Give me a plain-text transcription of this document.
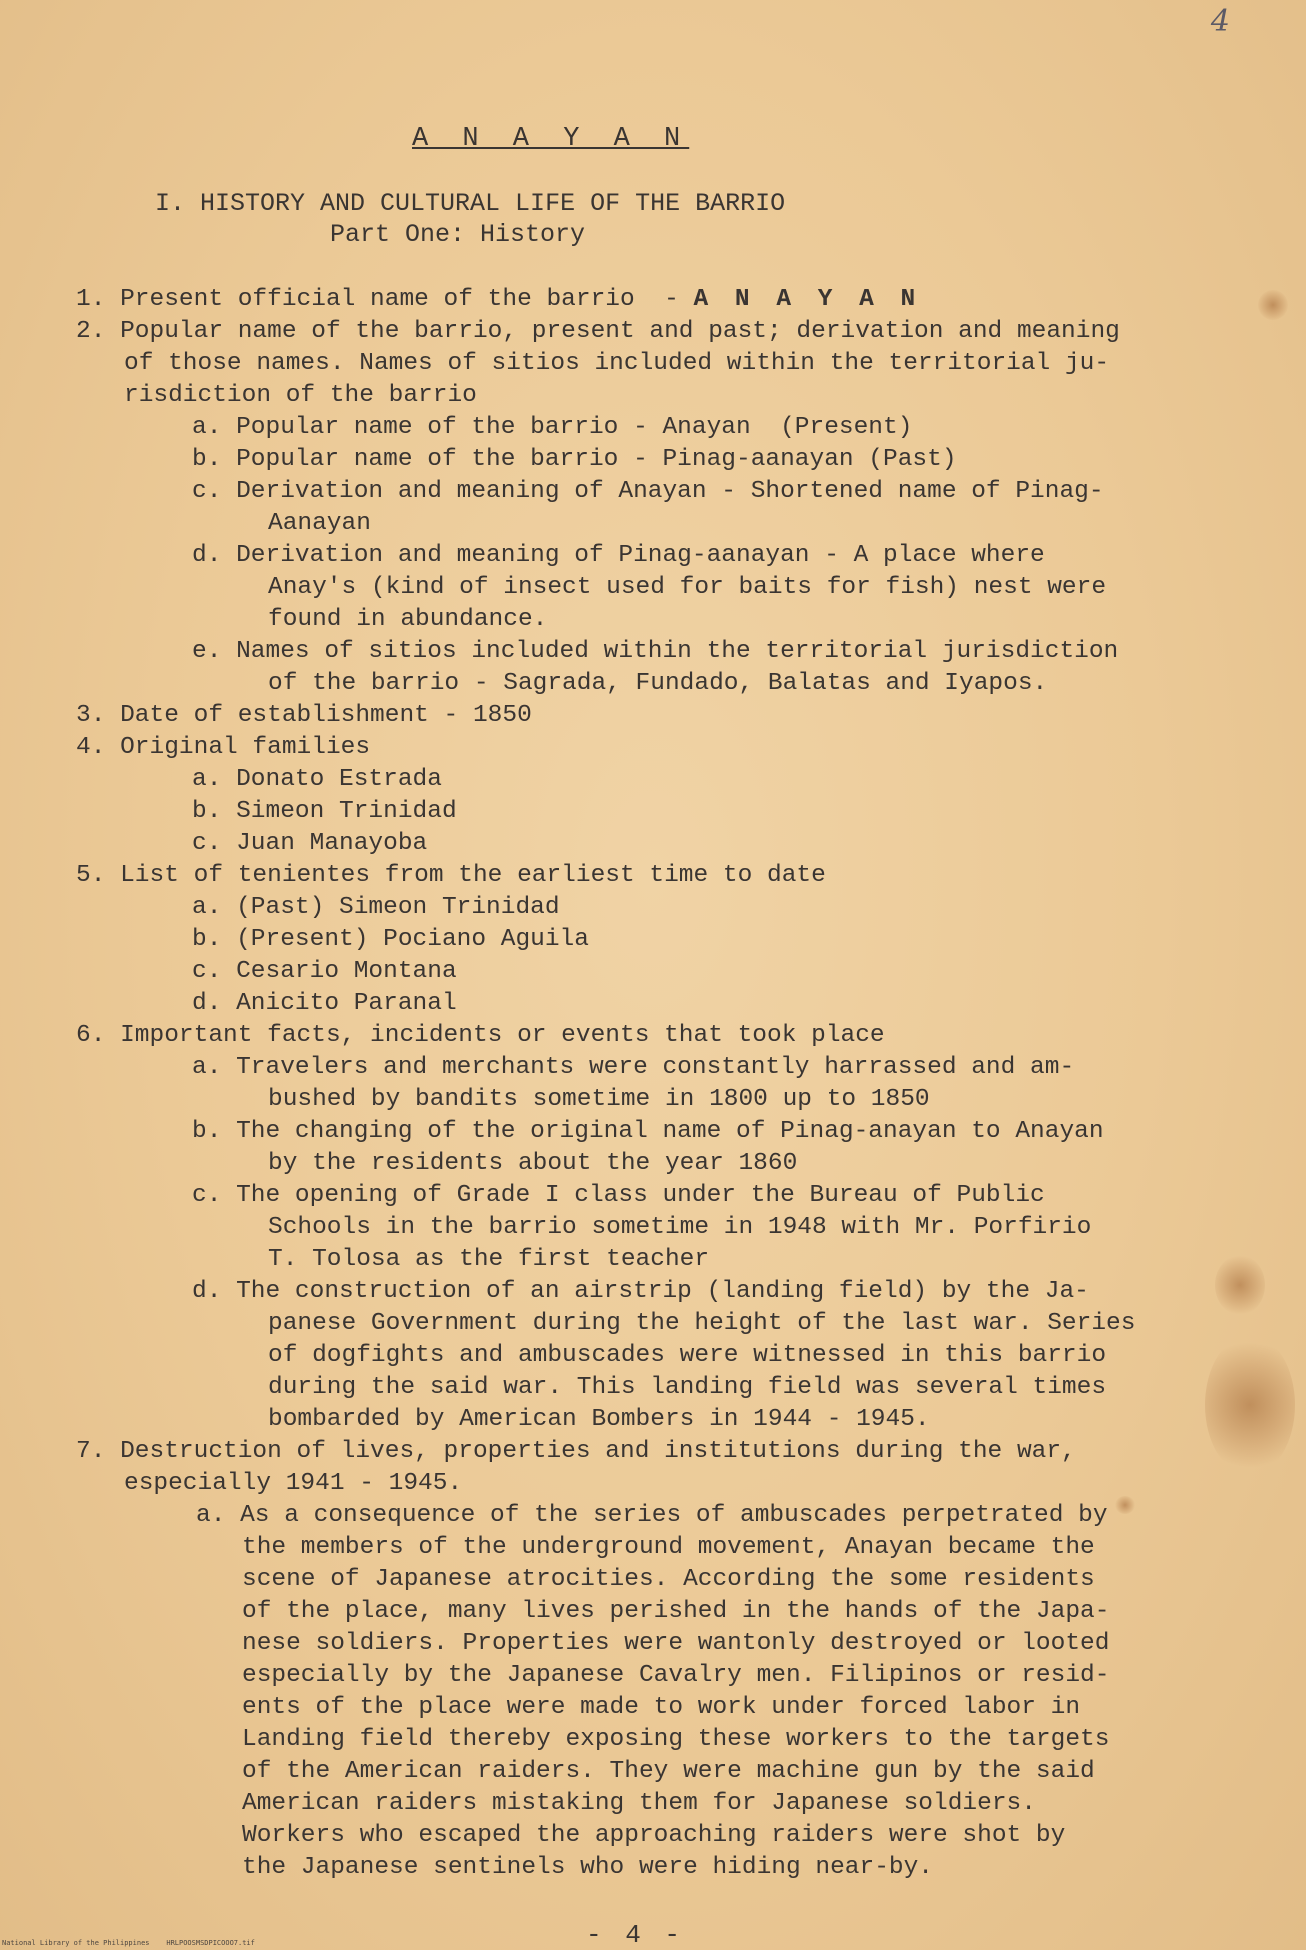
4
A N A Y A N
I. HISTORY AND CULTURAL LIFE OF THE BARRIO
Part One: History
1. Present official name of the barrio  - A N A Y A N
2. Popular name of the barrio, present and past; derivation and meaning
of those names. Names of sitios included within the territorial ju-
risdiction of the barrio
a. Popular name of the barrio - Anayan  (Present)
b. Popular name of the barrio - Pinag-aanayan (Past)
c. Derivation and meaning of Anayan - Shortened name of Pinag-
Aanayan
d. Derivation and meaning of Pinag-aanayan - A place where
Anay's (kind of insect used for baits for fish) nest were
found in abundance.
e. Names of sitios included within the territorial jurisdiction
of the barrio - Sagrada, Fundado, Balatas and Iyapos.
3. Date of establishment - 1850
4. Original families
a. Donato Estrada
b. Simeon Trinidad
c. Juan Manayoba
5. List of tenientes from the earliest time to date
a. (Past) Simeon Trinidad
b. (Present) Pociano Aguila
c. Cesario Montana
d. Anicito Paranal
6. Important facts, incidents or events that took place
a. Travelers and merchants were constantly harrassed and am-
bushed by bandits sometime in 1800 up to 1850
b. The changing of the original name of Pinag-anayan to Anayan
by the residents about the year 1860
c. The opening of Grade I class under the Bureau of Public
Schools in the barrio sometime in 1948 with Mr. Porfirio
T. Tolosa as the first teacher
d. The construction of an airstrip (landing field) by the Ja-
panese Government during the height of the last war. Series
of dogfights and ambuscades were witnessed in this barrio
during the said war. This landing field was several times
bombarded by American Bombers in 1944 - 1945.
7. Destruction of lives, properties and institutions during the war,
especially 1941 - 1945.
a. As a consequence of the series of ambuscades perpetrated by
the members of the underground movement, Anayan became the
scene of Japanese atrocities. According the some residents
of the place, many lives perished in the hands of the Japa-
nese soldiers. Properties were wantonly destroyed or looted
especially by the Japanese Cavalry men. Filipinos or resid-
ents of the place were made to work under forced labor in
Landing field thereby exposing these workers to the targets
of the American raiders. They were machine gun by the said
American raiders mistaking them for Japanese soldiers.
Workers who escaped the approaching raiders were shot by
the Japanese sentinels who were hiding near-by.
- 4 -
National Library of the Philippines    HRLPOOSMSDPICOOO7.tif
